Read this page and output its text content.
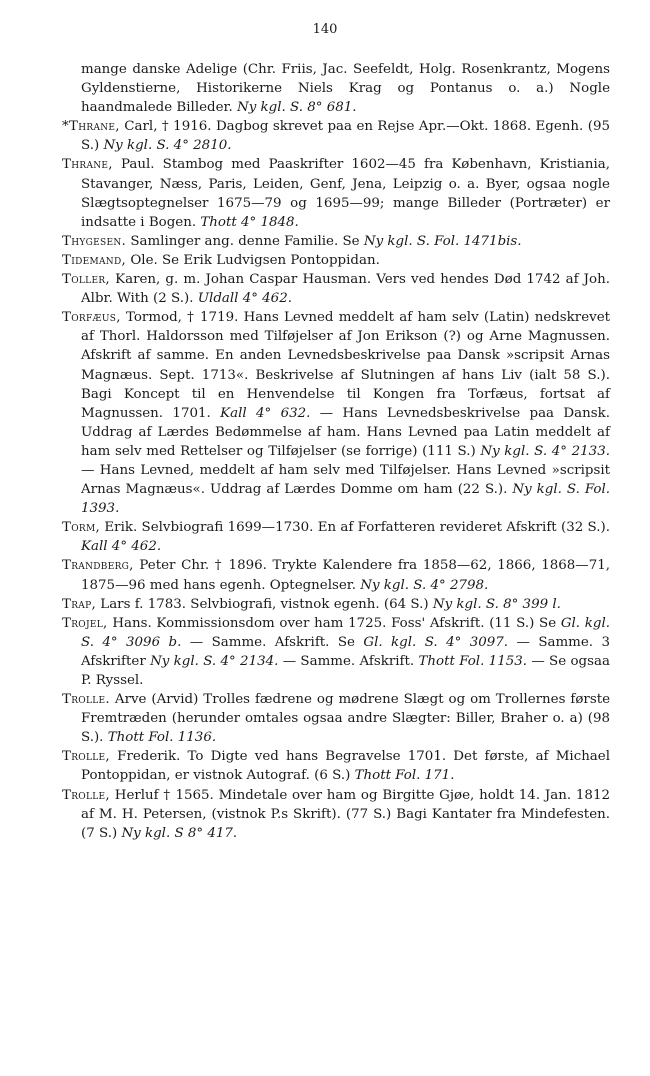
140

mange danske Adelige (Chr. Friis, Jac. Seefeldt, Holg. Rosenkrantz, Mogens Gyldenstierne, Historikerne Niels Krag og Pontanus o. a.) Nogle haandmalede Billeder. Ny kgl. S. 8° 681.

*Thrane, Carl, † 1916. Dagbog skrevet paa en Rejse Apr.—Okt. 1868. Egenh. (95 S.) Ny kgl. S. 4° 2810.

Thrane, Paul. Stambog med Paaskrifter 1602—45 fra København, Kristiania, Stavanger, Næss, Paris, Leiden, Genf, Jena, Leipzig o. a. Byer, ogsaa nogle Slægtsoptegnelser 1675—79 og 1695—99; mange Billeder (Portræter) er indsatte i Bogen. Thott 4° 1848.

Thygesen. Samlinger ang. denne Familie. Se Ny kgl. S. Fol. 1471bis.

Tidemand, Ole. Se Erik Ludvigsen Pontoppidan.

Toller, Karen, g. m. Johan Caspar Hausman. Vers ved hendes Død 1742 af Joh. Albr. With (2 S.). Uldall 4° 462.

Torfæus, Tormod, † 1719. Hans Levned meddelt af ham selv (Latin) nedskrevet af Thorl. Haldorsson med Tilføjelser af Jon Erikson (?) og Arne Magnussen. Afskrift af samme. En anden Levnedsbeskrivelse paa Dansk »scripsit Arnas Magnæus. Sept. 1713«. Beskrivelse af Slutningen af hans Liv (ialt 58 S.). Bagi Koncept til en Henvendelse til Kongen fra Torfæus, fortsat af Magnussen. 1701. Kall 4° 632. — Hans Levnedsbeskrivelse paa Dansk. Uddrag af Lærdes Bedømmelse af ham. Hans Levned paa Latin meddelt af ham selv med Rettelser og Tilføjelser (se forrige) (111 S.) Ny kgl. S. 4° 2133. — Hans Levned, meddelt af ham selv med Tilføjelser. Hans Levned »scripsit Arnas Magnæus«. Uddrag af Lærdes Domme om ham (22 S.). Ny kgl. S. Fol. 1393.

Torm, Erik. Selvbiografi 1699—1730. En af Forfatteren revideret Afskrift (32 S.). Kall 4° 462.

Trandberg, Peter Chr. † 1896. Trykte Kalendere fra 1858—62, 1866, 1868—71, 1875—96 med hans egenh. Optegnelser. Ny kgl. S. 4° 2798.

Trap, Lars f. 1783. Selvbiografi, vistnok egenh. (64 S.) Ny kgl. S. 8° 399 l.

Trojel, Hans. Kommissionsdom over ham 1725. Foss' Afskrift. (11 S.) Se Gl. kgl. S. 4° 3096 b. — Samme. Afskrift. Se Gl. kgl. S. 4° 3097. — Samme. 3 Afskrifter Ny kgl. S. 4° 2134. — Samme. Afskrift. Thott Fol. 1153. — Se ogsaa P. Ryssel.

Trolle. Arve (Arvid) Trolles fædrene og mødrene Slægt og om Trollernes første Fremtræden (herunder omtales ogsaa andre Slægter: Biller, Braher o. a) (98 S.). Thott Fol. 1136.

Trolle, Frederik. To Digte ved hans Begravelse 1701. Det første, af Michael Pontoppidan, er vistnok Autograf. (6 S.) Thott Fol. 171.

Trolle, Herluf † 1565. Mindetale over ham og Birgitte Gjøe, holdt 14. Jan. 1812 af M. H. Petersen, (vistnok P.s Skrift). (77 S.) Bagi Kantater fra Mindefesten. (7 S.) Ny kgl. S 8° 417.
